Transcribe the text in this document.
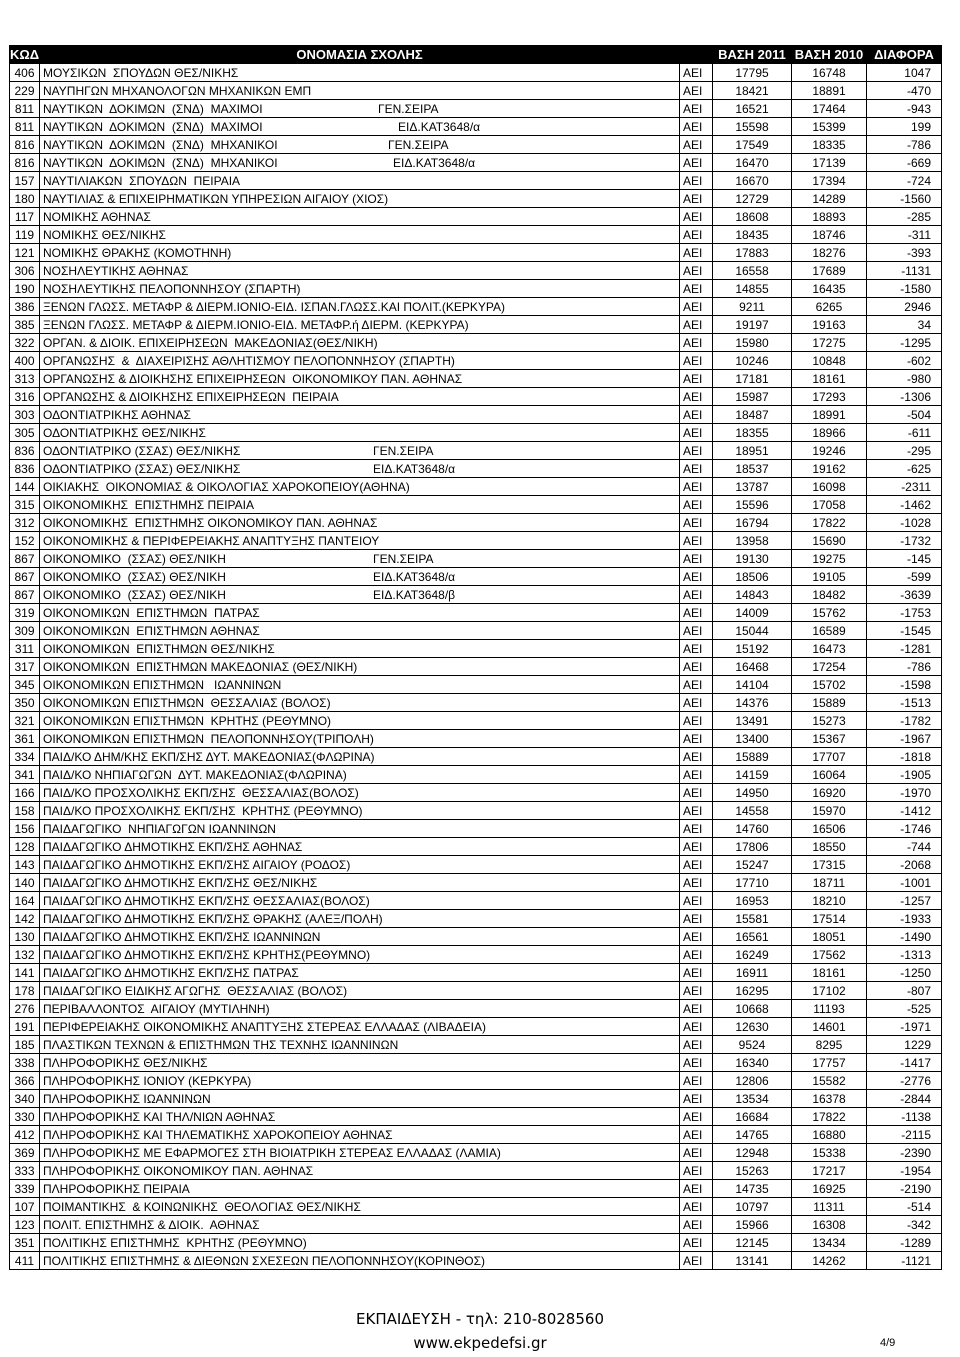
ΕΚΠΑΙΔΕΥΣΗ - ΒΑΣΕΙΣ 2011 ΟΜΑΔΑ Β - ΕΝΙΑΙΑ ΗΜΕΡΗΣΙΑ ΛΥΚΕΙΑ ΚΑΙ ΕΠΑΛ (90%)
ΣΕ ΑΥΞΟΥΣΑ ΑΛΦΑΒΗΤΙΚΗ ΣΕΙΡΑ (ΑΕΙ - ΤΕΙ)
ΚΩΔ	ΟΝΟΜΑΣΙΑ ΣΧΟΛΗΣ		ΒΑΣΗ 2011	ΒΑΣΗ 2010	ΔΙΑΦΟΡΑ
406	ΜΟΥΣΙΚΩΝ  ΣΠΟΥΔΩΝ ΘΕΣ/ΝΙΚΗΣ	ΑΕΙ	17795	16748	1047
229	ΝΑΥΠΗΓΩΝ ΜΗΧΑΝΟΛΟΓΩΝ ΜΗΧΑΝΙΚΩΝ ΕΜΠ	ΑΕΙ	18421	18891	-470
811	ΝΑΥΤΙΚΩΝ  ΔΟΚΙΜΩΝ  (ΣΝΔ)  ΜΑΧΙΜΟΙ ΓΕΝ.ΣΕΙΡΑ	ΑΕΙ	16521	17464	-943
811	ΝΑΥΤΙΚΩΝ  ΔΟΚΙΜΩΝ  (ΣΝΔ)  ΜΑΧΙΜΟΙ ΕΙΔ.ΚΑΤ3648/α	ΑΕΙ	15598	15399	199
816	ΝΑΥΤΙΚΩΝ  ΔΟΚΙΜΩΝ  (ΣΝΔ)  ΜΗΧΑΝΙΚΟΙ ΓΕΝ.ΣΕΙΡΑ	ΑΕΙ	17549	18335	-786
816	ΝΑΥΤΙΚΩΝ  ΔΟΚΙΜΩΝ  (ΣΝΔ)  ΜΗΧΑΝΙΚΟΙ ΕΙΔ.ΚΑΤ3648/α	ΑΕΙ	16470	17139	-669
157	ΝΑΥΤΙΛΙΑΚΩΝ  ΣΠΟΥΔΩΝ  ΠΕΙΡΑΙΑ	ΑΕΙ	16670	17394	-724
180	ΝΑΥΤΙΛΙΑΣ & ΕΠΙΧΕΙΡΗΜΑΤΙΚΩΝ ΥΠΗΡΕΣΙΩΝ ΑΙΓΑΙΟΥ (ΧΙΟΣ)	ΑΕΙ	12729	14289	-1560
117	ΝΟΜΙΚΗΣ ΑΘΗΝΑΣ	ΑΕΙ	18608	18893	-285
119	ΝΟΜΙΚΗΣ ΘΕΣ/ΝΙΚΗΣ	ΑΕΙ	18435	18746	-311
121	ΝΟΜΙΚΗΣ ΘΡΑΚΗΣ (ΚΟΜΟΤΗΝΗ)	ΑΕΙ	17883	18276	-393
306	ΝΟΣΗΛΕΥΤΙΚΗΣ ΑΘΗΝΑΣ	ΑΕΙ	16558	17689	-1131
190	ΝΟΣΗΛΕΥΤΙΚΗΣ ΠΕΛΟΠΟΝΝΗΣΟΥ (ΣΠΑΡΤΗ)	ΑΕΙ	14855	16435	-1580
386	ΞΕΝΩΝ ΓΛΩΣΣ. ΜΕΤΑΦΡ & ΔΙΕΡΜ.ΙΟΝΙΟ-ΕΙΔ. ΙΣΠΑΝ.ΓΛΩΣΣ.ΚΑΙ ΠΟΛΙΤ.(ΚΕΡΚΥΡΑ)	ΑΕΙ	9211	6265	2946
385	ΞΕΝΩΝ ΓΛΩΣΣ. ΜΕΤΑΦΡ & ΔΙΕΡΜ.ΙΟΝΙΟ-ΕΙΔ. ΜΕΤΑΦΡ.ή ΔΙΕΡΜ. (ΚΕΡΚΥΡΑ)	ΑΕΙ	19197	19163	34
322	ΟΡΓΑΝ. & ΔΙΟΙΚ. ΕΠΙΧΕΙΡΗΣΕΩΝ  ΜΑΚΕΔΟΝΙΑΣ(ΘΕΣ/ΝΙΚΗ)	ΑΕΙ	15980	17275	-1295
400	ΟΡΓΑΝΩΣΗΣ  &  ΔΙΑΧΕΙΡΙΣΗΣ ΑΘΛΗΤΙΣΜΟΥ ΠΕΛΟΠΟΝΝΗΣΟΥ (ΣΠΑΡΤΗ)	ΑΕΙ	10246	10848	-602
313	ΟΡΓΑΝΩΣΗΣ & ΔΙΟΙΚΗΣΗΣ ΕΠΙΧΕΙΡΗΣΕΩΝ  ΟΙΚΟΝΟΜΙΚΟΥ ΠΑΝ. ΑΘΗΝΑΣ	ΑΕΙ	17181	18161	-980
316	ΟΡΓΑΝΩΣΗΣ & ΔΙΟΙΚΗΣΗΣ ΕΠΙΧΕΙΡΗΣΕΩΝ  ΠΕΙΡΑΙΑ	ΑΕΙ	15987	17293	-1306
303	ΟΔΟΝΤΙΑΤΡΙΚΗΣ ΑΘΗΝΑΣ	ΑΕΙ	18487	18991	-504
305	ΟΔΟΝΤΙΑΤΡΙΚΗΣ ΘΕΣ/ΝΙΚΗΣ	ΑΕΙ	18355	18966	-611
836	ΟΔΟΝΤΙΑΤΡΙΚΟ (ΣΣΑΣ) ΘΕΣ/ΝΙΚΗΣ ΓΕΝ.ΣΕΙΡΑ	ΑΕΙ	18951	19246	-295
836	ΟΔΟΝΤΙΑΤΡΙΚΟ (ΣΣΑΣ) ΘΕΣ/ΝΙΚΗΣ ΕΙΔ.ΚΑΤ3648/α	ΑΕΙ	18537	19162	-625
144	ΟΙΚΙΑΚΗΣ  ΟΙΚΟΝΟΜΙΑΣ & ΟΙΚΟΛΟΓΙΑΣ ΧΑΡΟΚΟΠΕΙΟΥ(ΑΘΗΝΑ)	ΑΕΙ	13787	16098	-2311
315	ΟΙΚΟΝΟΜΙΚΗΣ  ΕΠΙΣΤΗΜΗΣ ΠΕΙΡΑΙΑ	ΑΕΙ	15596	17058	-1462
312	ΟΙΚΟΝΟΜΙΚΗΣ  ΕΠΙΣΤΗΜΗΣ ΟΙΚΟΝΟΜΙΚΟΥ ΠΑΝ. ΑΘΗΝΑΣ	ΑΕΙ	16794	17822	-1028
152	ΟΙΚΟΝΟΜΙΚΗΣ & ΠΕΡΙΦΕΡΕΙΑΚΗΣ ΑΝΑΠΤΥΞΗΣ ΠΑΝΤΕΙΟΥ	ΑΕΙ	13958	15690	-1732
867	ΟΙΚΟΝΟΜΙΚΟ  (ΣΣΑΣ) ΘΕΣ/ΝΙΚΗ ΓΕΝ.ΣΕΙΡΑ	ΑΕΙ	19130	19275	-145
867	ΟΙΚΟΝΟΜΙΚΟ  (ΣΣΑΣ) ΘΕΣ/ΝΙΚΗ ΕΙΔ.ΚΑΤ3648/α	ΑΕΙ	18506	19105	-599
867	ΟΙΚΟΝΟΜΙΚΟ  (ΣΣΑΣ) ΘΕΣ/ΝΙΚΗ ΕΙΔ.ΚΑΤ3648/β	ΑΕΙ	14843	18482	-3639
319	ΟΙΚΟΝΟΜΙΚΩΝ  ΕΠΙΣΤΗΜΩΝ  ΠΑΤΡΑΣ	ΑΕΙ	14009	15762	-1753
309	ΟΙΚΟΝΟΜΙΚΩΝ  ΕΠΙΣΤΗΜΩΝ ΑΘΗΝΑΣ	ΑΕΙ	15044	16589	-1545
311	ΟΙΚΟΝΟΜΙΚΩΝ  ΕΠΙΣΤΗΜΩΝ ΘΕΣ/ΝΙΚΗΣ	ΑΕΙ	15192	16473	-1281
317	ΟΙΚΟΝΟΜΙΚΩΝ  ΕΠΙΣΤΗΜΩΝ ΜΑΚΕΔΟΝΙΑΣ (ΘΕΣ/ΝΙΚΗ)	ΑΕΙ	16468	17254	-786
345	ΟΙΚΟΝΟΜΙΚΩΝ ΕΠΙΣΤΗΜΩΝ   ΙΩΑΝΝΙΝΩΝ	ΑΕΙ	14104	15702	-1598
350	ΟΙΚΟΝΟΜΙΚΩΝ ΕΠΙΣΤΗΜΩΝ  ΘΕΣΣΑΛΙΑΣ (ΒΟΛΟΣ)	ΑΕΙ	14376	15889	-1513
321	ΟΙΚΟΝΟΜΙΚΩΝ ΕΠΙΣΤΗΜΩΝ  ΚΡΗΤΗΣ (ΡΕΘΥΜΝΟ)	ΑΕΙ	13491	15273	-1782
361	ΟΙΚΟΝΟΜΙΚΩΝ ΕΠΙΣΤΗΜΩΝ  ΠΕΛΟΠΟΝΝΗΣΟΥ(ΤΡΙΠΟΛΗ)	ΑΕΙ	13400	15367	-1967
334	ΠΑΙΔ/ΚΟ ΔΗΜ/ΚΗΣ ΕΚΠ/ΣΗΣ ΔΥΤ. ΜΑΚΕΔΟΝΙΑΣ(ΦΛΩΡΙΝΑ)	ΑΕΙ	15889	17707	-1818
341	ΠΑΙΔ/ΚΟ ΝΗΠΙΑΓΩΓΩΝ  ΔΥΤ. ΜΑΚΕΔΟΝΙΑΣ(ΦΛΩΡΙΝΑ)	ΑΕΙ	14159	16064	-1905
166	ΠΑΙΔ/ΚΟ ΠΡΟΣΧΟΛΙΚΗΣ ΕΚΠ/ΣΗΣ  ΘΕΣΣΑΛΙΑΣ(ΒΟΛΟΣ)	ΑΕΙ	14950	16920	-1970
158	ΠΑΙΔ/ΚΟ ΠΡΟΣΧΟΛΙΚΗΣ ΕΚΠ/ΣΗΣ  ΚΡΗΤΗΣ (ΡΕΘΥΜΝΟ)	ΑΕΙ	14558	15970	-1412
156	ΠΑΙΔΑΓΩΓΙΚΟ  ΝΗΠΙΑΓΩΓΩΝ ΙΩΑΝΝΙΝΩΝ	ΑΕΙ	14760	16506	-1746
128	ΠΑΙΔΑΓΩΓΙΚΟ ΔΗΜΟΤΙΚΗΣ ΕΚΠ/ΣΗΣ ΑΘΗΝΑΣ	ΑΕΙ	17806	18550	-744
143	ΠΑΙΔΑΓΩΓΙΚΟ ΔΗΜΟΤΙΚΗΣ ΕΚΠ/ΣΗΣ ΑΙΓΑΙΟΥ (ΡΟΔΟΣ)	ΑΕΙ	15247	17315	-2068
140	ΠΑΙΔΑΓΩΓΙΚΟ ΔΗΜΟΤΙΚΗΣ ΕΚΠ/ΣΗΣ ΘΕΣ/ΝΙΚΗΣ	ΑΕΙ	17710	18711	-1001
164	ΠΑΙΔΑΓΩΓΙΚΟ ΔΗΜΟΤΙΚΗΣ ΕΚΠ/ΣΗΣ ΘΕΣΣΑΛΙΑΣ(ΒΟΛΟΣ)	ΑΕΙ	16953	18210	-1257
142	ΠΑΙΔΑΓΩΓΙΚΟ ΔΗΜΟΤΙΚΗΣ ΕΚΠ/ΣΗΣ ΘΡΑΚΗΣ (ΑΛΕΞ/ΠΟΛΗ)	ΑΕΙ	15581	17514	-1933
130	ΠΑΙΔΑΓΩΓΙΚΟ ΔΗΜΟΤΙΚΗΣ ΕΚΠ/ΣΗΣ ΙΩΑΝΝΙΝΩΝ	ΑΕΙ	16561	18051	-1490
132	ΠΑΙΔΑΓΩΓΙΚΟ ΔΗΜΟΤΙΚΗΣ ΕΚΠ/ΣΗΣ ΚΡΗΤΗΣ(ΡΕΘΥΜΝΟ)	ΑΕΙ	16249	17562	-1313
141	ΠΑΙΔΑΓΩΓΙΚΟ ΔΗΜΟΤΙΚΗΣ ΕΚΠ/ΣΗΣ ΠΑΤΡΑΣ	ΑΕΙ	16911	18161	-1250
178	ΠΑΙΔΑΓΩΓΙΚΟ ΕΙΔΙΚΗΣ ΑΓΩΓΗΣ  ΘΕΣΣΑΛΙΑΣ (ΒΟΛΟΣ)	ΑΕΙ	16295	17102	-807
276	ΠΕΡΙΒΑΛΛΟΝΤΟΣ  ΑΙΓΑΙΟΥ (ΜΥΤΙΛΗΝΗ)	ΑΕΙ	10668	11193	-525
191	ΠΕΡΙΦΕΡΕΙΑΚΗΣ ΟΙΚΟΝΟΜΙΚΗΣ ΑΝΑΠΤΥΞΗΣ ΣΤΕΡΕΑΣ ΕΛΛΑΔΑΣ (ΛΙΒΑΔΕΙΑ)	ΑΕΙ	12630	14601	-1971
185	ΠΛΑΣΤΙΚΩΝ ΤΕΧΝΩΝ & ΕΠΙΣΤΗΜΩΝ ΤΗΣ ΤΕΧΝΗΣ ΙΩΑΝΝΙΝΩΝ	ΑΕΙ	9524	8295	1229
338	ΠΛΗΡΟΦΟΡΙΚΗΣ ΘΕΣ/ΝΙΚΗΣ	ΑΕΙ	16340	17757	-1417
366	ΠΛΗΡΟΦΟΡΙΚΗΣ ΙΟΝΙΟΥ (ΚΕΡΚΥΡΑ)	ΑΕΙ	12806	15582	-2776
340	ΠΛΗΡΟΦΟΡΙΚΗΣ ΙΩΑΝΝΙΝΩΝ	ΑΕΙ	13534	16378	-2844
330	ΠΛΗΡΟΦΟΡΙΚΗΣ ΚΑΙ ΤΗΛ/ΝΙΩΝ ΑΘΗΝΑΣ	ΑΕΙ	16684	17822	-1138
412	ΠΛΗΡΟΦΟΡΙΚΗΣ ΚΑΙ ΤΗΛΕΜΑΤΙΚΗΣ ΧΑΡΟΚΟΠΕΙΟΥ ΑΘΗΝΑΣ	ΑΕΙ	14765	16880	-2115
369	ΠΛΗΡΟΦΟΡΙΚΗΣ ΜΕ ΕΦΑΡΜΟΓΕΣ ΣΤΗ ΒΙΟΙΑΤΡΙΚΗ ΣΤΕΡΕΑΣ ΕΛΛΑΔΑΣ (ΛΑΜΙΑ)	ΑΕΙ	12948	15338	-2390
333	ΠΛΗΡΟΦΟΡΙΚΗΣ ΟΙΚΟΝΟΜΙΚΟΥ ΠΑΝ. ΑΘΗΝΑΣ	ΑΕΙ	15263	17217	-1954
339	ΠΛΗΡΟΦΟΡΙΚΗΣ ΠΕΙΡΑΙΑ	ΑΕΙ	14735	16925	-2190
107	ΠΟΙΜΑΝΤΙΚΗΣ  & ΚΟΙΝΩΝΙΚΗΣ  ΘΕΟΛΟΓΙΑΣ ΘΕΣ/ΝΙΚΗΣ	ΑΕΙ	10797	11311	-514
123	ΠΟΛΙΤ. ΕΠΙΣΤΗΜΗΣ & ΔΙΟΙΚ.  ΑΘΗΝΑΣ	ΑΕΙ	15966	16308	-342
351	ΠΟΛΙΤΙΚΗΣ ΕΠΙΣΤΗΜΗΣ  ΚΡΗΤΗΣ (ΡΕΘΥΜΝΟ)	ΑΕΙ	12145	13434	-1289
411	ΠΟΛΙΤΙΚΗΣ ΕΠΙΣΤΗΜΗΣ & ΔΙΕΘΝΩΝ ΣΧΕΣΕΩΝ ΠΕΛΟΠΟΝΝΗΣΟΥ(ΚΟΡΙΝΘΟΣ)	ΑΕΙ	13141	14262	-1121
ΕΚΠΑΙΔΕΥΣΗ - τηλ: 210-8028560
www.ekpedefsi.gr	4/9
